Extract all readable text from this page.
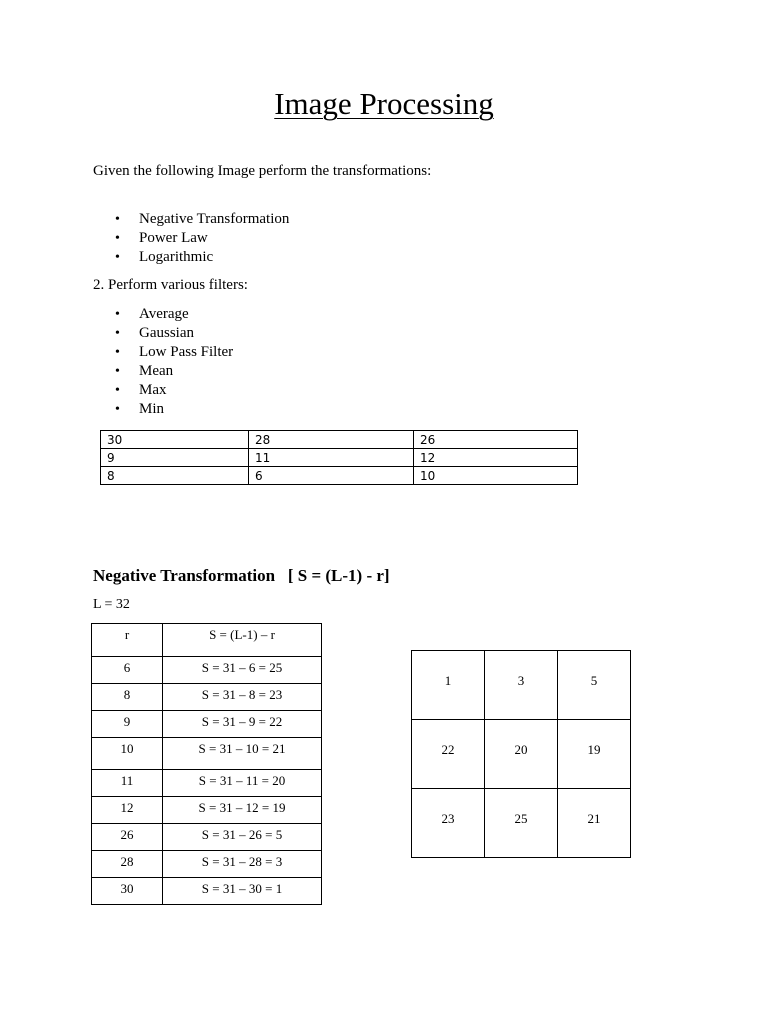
Image Processing
Given the following Image perform the transformations:
• Negative Transformation
• Power Law
• Logarithmic
2. Perform various filters:
• Average
• Gaussian
• Low Pass Filter
• Mean
• Max
• Min
30	28	26
9	11	12
8	6	10
Negative Transformation   [ S = (L-1) - r]
L = 32
r	S = (L-1) – r
6	S = 31 – 6 = 25
8	S = 31 – 8 = 23
9	S = 31 – 9 = 22
10	S = 31 – 10 = 21
11	S = 31 – 11 = 20
12	S = 31 – 12 = 19
26	S = 31 – 26 = 5
28	S = 31 – 28 = 3
30	S = 31 – 30 = 1
1	3	5
22	20	19
23	25	21
